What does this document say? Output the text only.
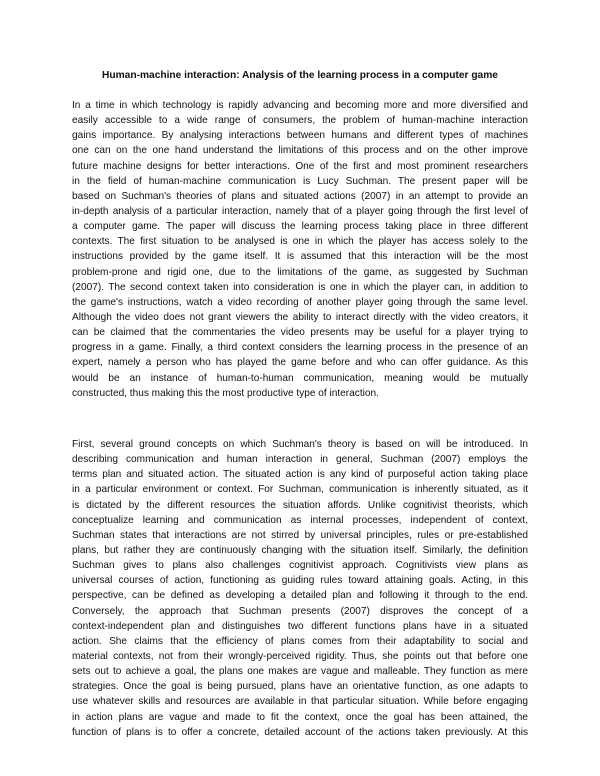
Human-machine interaction: Analysis of the learning process in a computer game
In a time in which technology is rapidly advancing and becoming more and more diversified and
easily accessible to a wide range of consumers, the problem of human-machine interaction
gains importance. By analysing interactions between humans and different types of machines
one can on the one hand understand the limitations of this process and on the other improve
future machine designs for better interactions. One of the first and most prominent researchers
in the field of human-machine communication is Lucy Suchman. The present paper will be
based on Suchman's theories of plans and situated actions (2007) in an attempt to provide an
in-depth analysis of a particular interaction, namely that of a player going through the first level of
a computer game. The paper will discuss the learning process taking place in three different
contexts. The first situation to be analysed is one in which the player has access solely to the
instructions provided by the game itself. It is assumed that this interaction will be the most
problem-prone and rigid one, due to the limitations of the game, as suggested by Suchman
(2007). The second context taken into consideration is one in which the player can, in addition to
the game's instructions, watch a video recording of another player going through the same level.
Although the video does not grant viewers the ability to interact directly with the video creators, it
can be claimed that the commentaries the video presents may be useful for a player trying to
progress in a game. Finally, a third context considers the learning process in the presence of an
expert, namely a person who has played the game before and who can offer guidance. As this
would be an instance of human-to-human communication, meaning would be mutually
constructed, thus making this the most productive type of interaction.
First, several ground concepts on which Suchman's theory is based on will be introduced. In
describing communication and human interaction in general, Suchman (2007) employs the
terms plan and situated action. The situated action is any kind of purposeful action taking place
in a particular environment or context. For Suchman, communication is inherently situated, as it
is dictated by the different resources the situation affords. Unlike cognitivist theorists, which
conceptualize learning and communication as internal processes, independent of context,
Suchman states that interactions are not stirred by universal principles, rules or pre-established
plans, but rather they are continuously changing with the situation itself. Similarly, the definition
Suchman gives to plans also challenges cognitivist approach. Cognitivists view plans as
universal courses of action, functioning as guiding rules toward attaining goals. Acting, in this
perspective, can be defined as developing a detailed plan and following it through to the end.
Conversely, the approach that Suchman presents (2007) disproves the concept of a
context-independent plan and distinguishes two different functions plans have in a situated
action. She claims that the efficiency of plans comes from their adaptability to social and
material contexts, not from their wrongly-perceived rigidity. Thus, she points out that before one
sets out to achieve a goal, the plans one makes are vague and malleable. They function as mere
strategies. Once the goal is being pursued, plans have an orientative function, as one adapts to
use whatever skills and resources are available in that particular situation. While before engaging
in action plans are vague and made to fit the context, once the goal has been attained, the
function of plans is to offer a concrete, detailed account of the actions taken previously. At this
